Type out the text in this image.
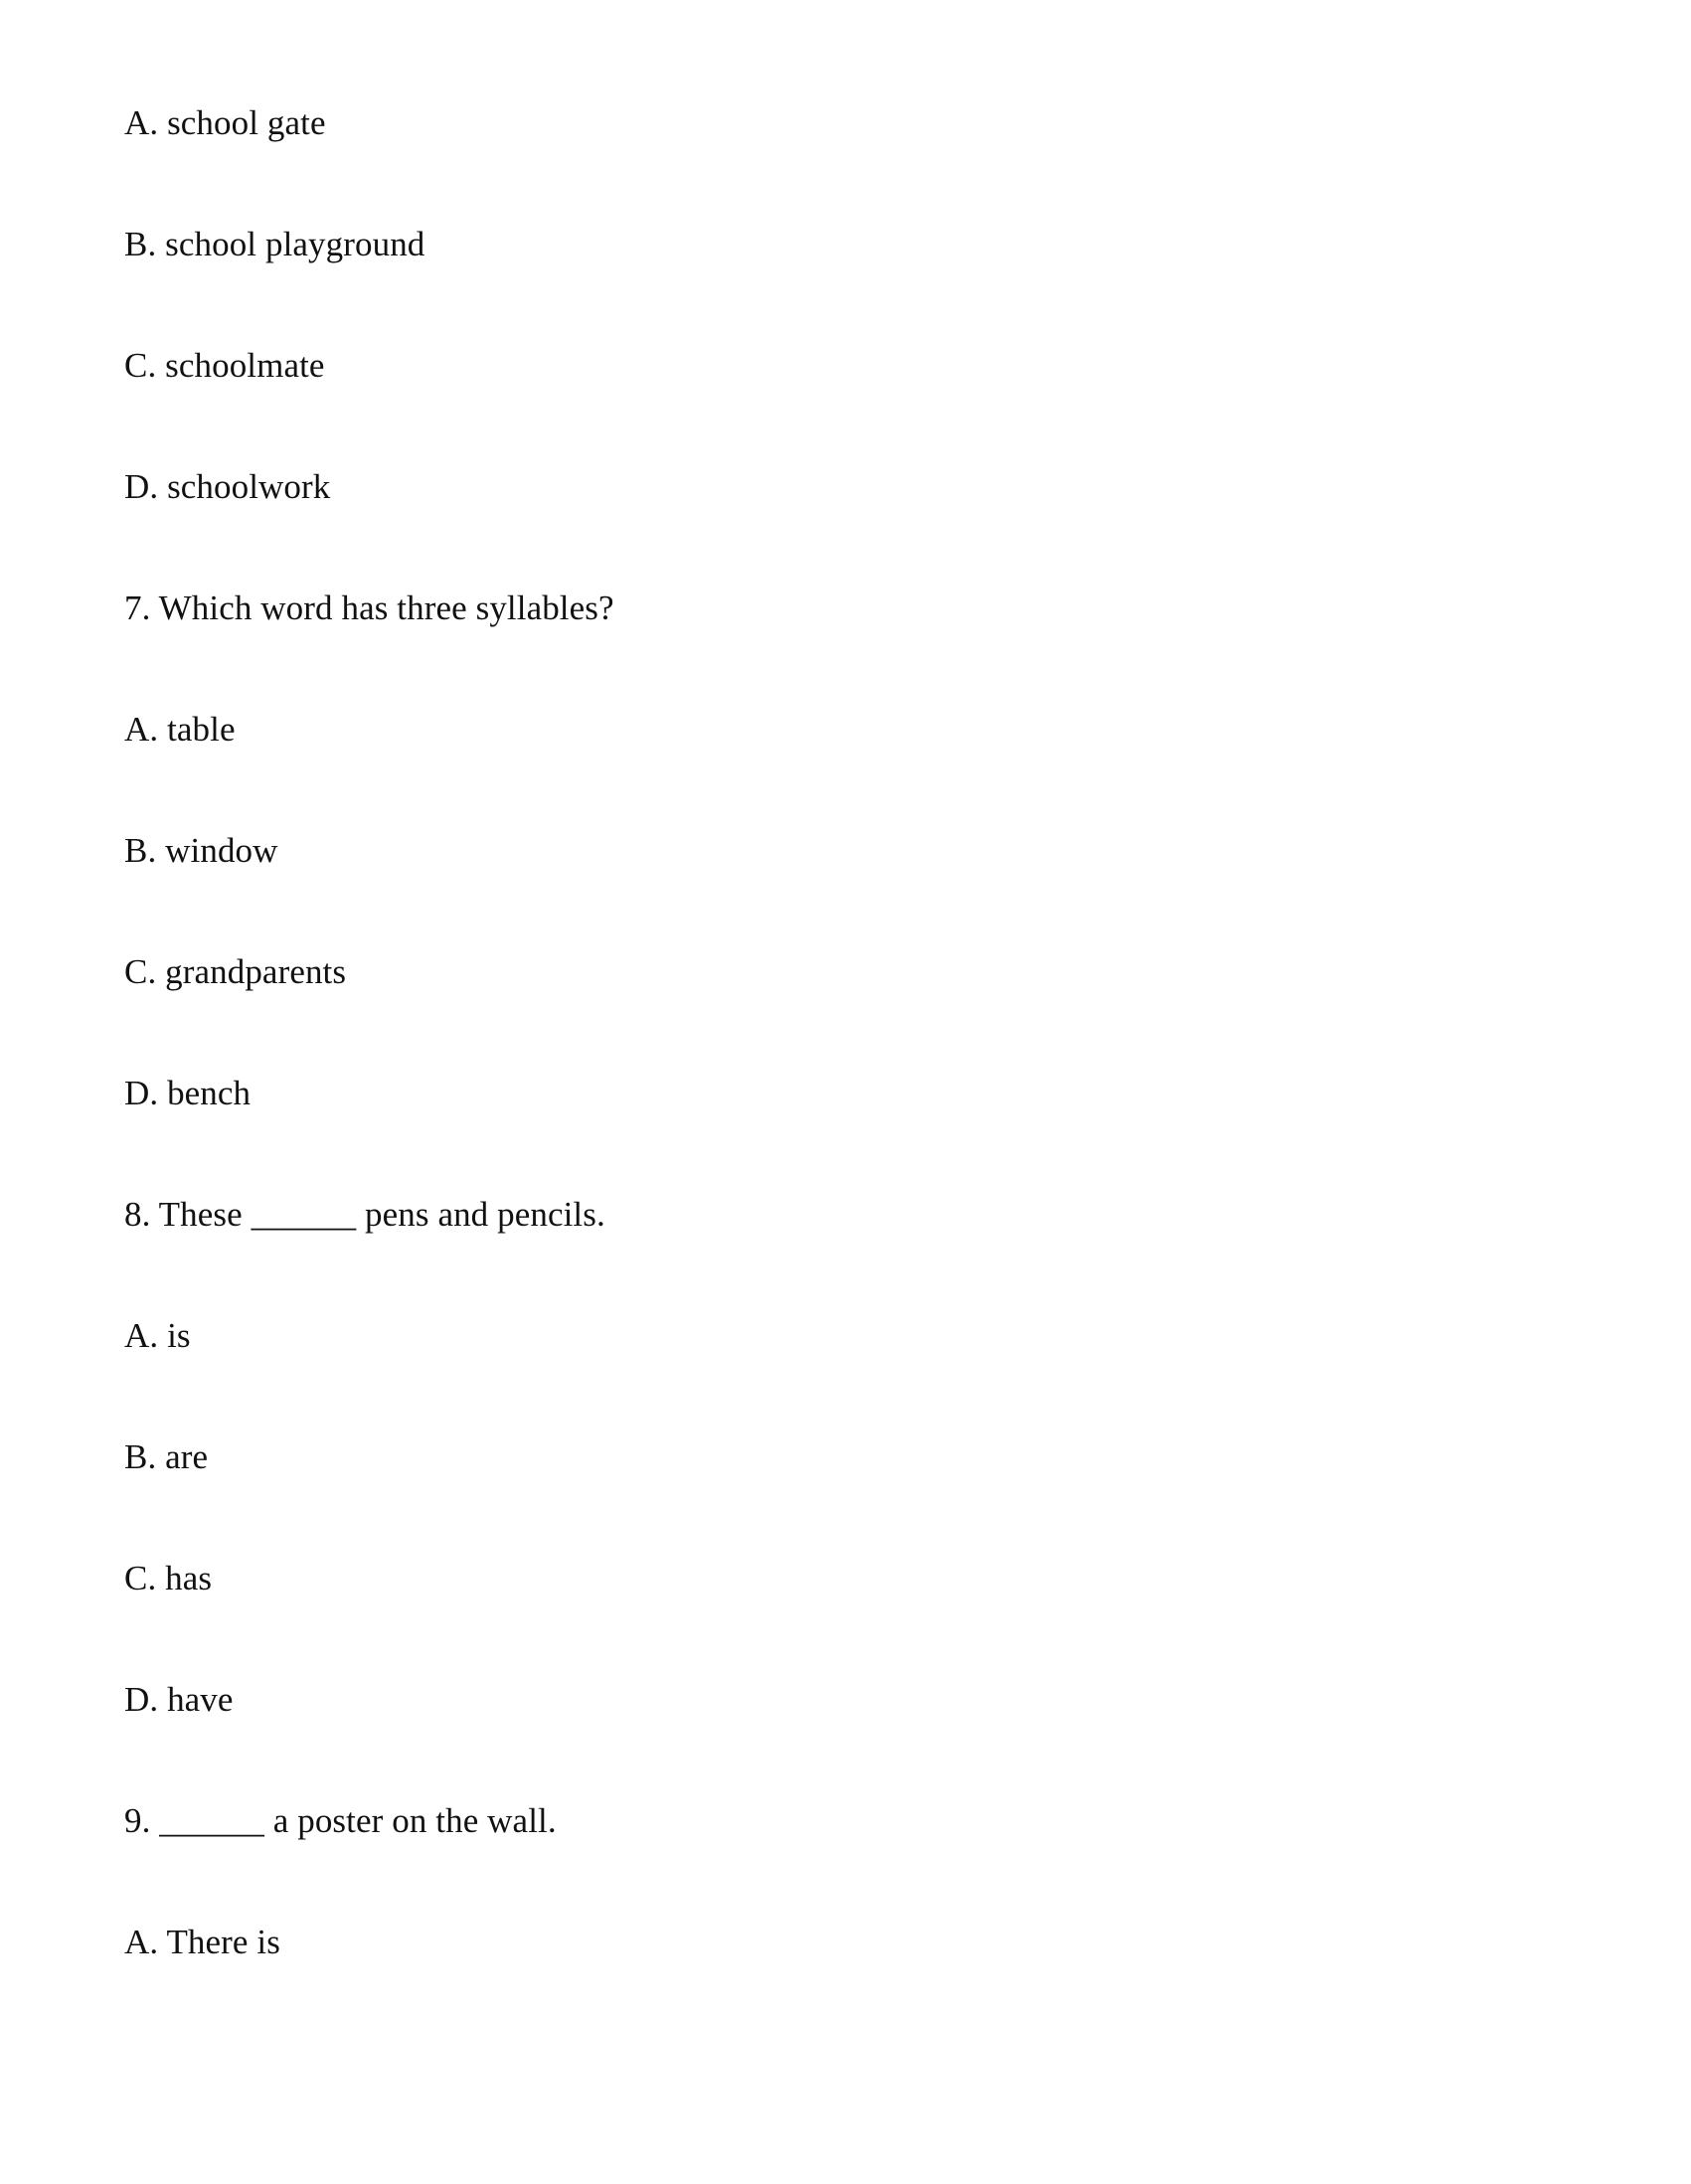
A. school gate
B. school playground
C. schoolmate
D. schoolwork
7. Which word has three syllables?
A. table
B. window
C. grandparents
D. bench
8. These ______ pens and pencils.
A. is
B. are
C. has
D. have
9. ______ a poster on the wall.
A. There is
